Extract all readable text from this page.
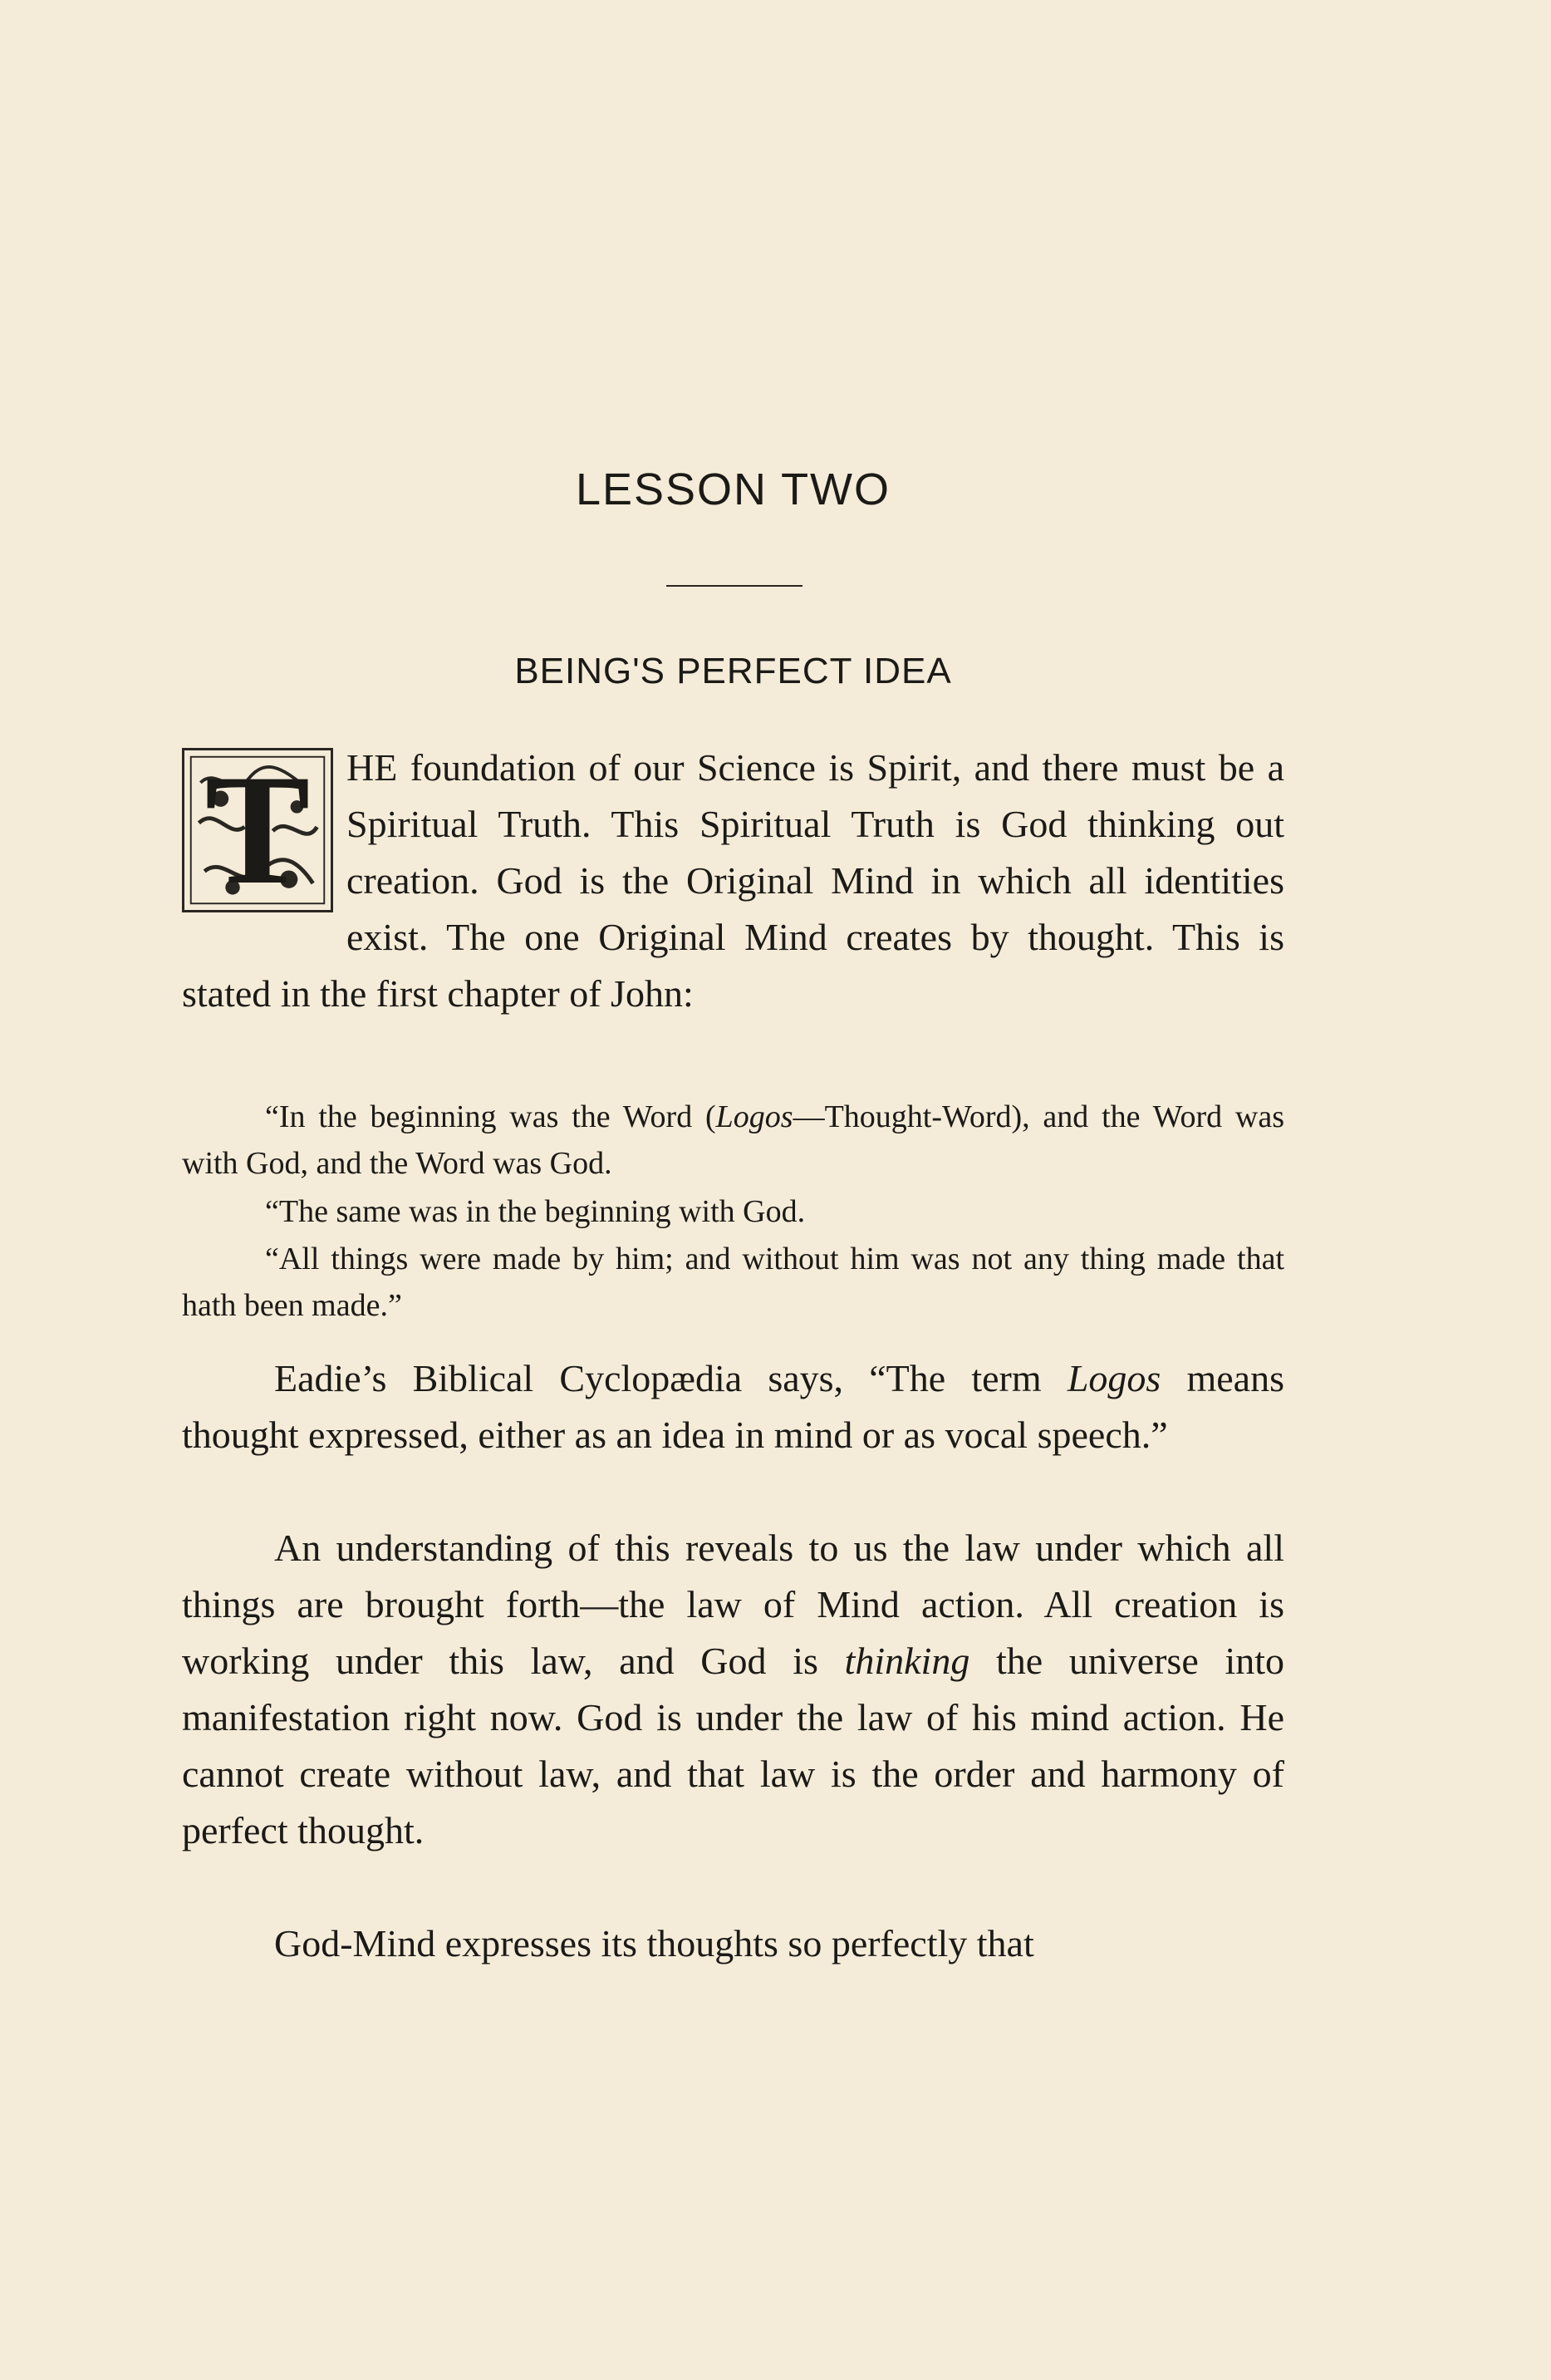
LESSON TWO
BEING'S PERFECT IDEA

T HE foundation of our Science is Spirit, and there must be a Spiritual Truth. This Spiritual Truth is God thinking out creation. God is the Original Mind in which all identities exist. The one Original Mind creates by thought. This is stated in the first chapter of John:

“In the beginning was the Word (Logos—Thought-Word), and the Word was with God, and the Word was God.

“The same was in the beginning with God.

“All things were made by him; and without him was not any thing made that hath been made.”

Eadie’s Biblical Cyclopædia says, “The term Logos means thought expressed, either as an idea in mind or as vocal speech.”

An understanding of this reveals to us the law under which all things are brought forth—the law of Mind action. All creation is working under this law, and God is thinking the universe into manifestation right now. God is under the law of his mind action. He cannot create without law, and that law is the order and harmony of perfect thought.

God-Mind expresses its thoughts so perfectly that
